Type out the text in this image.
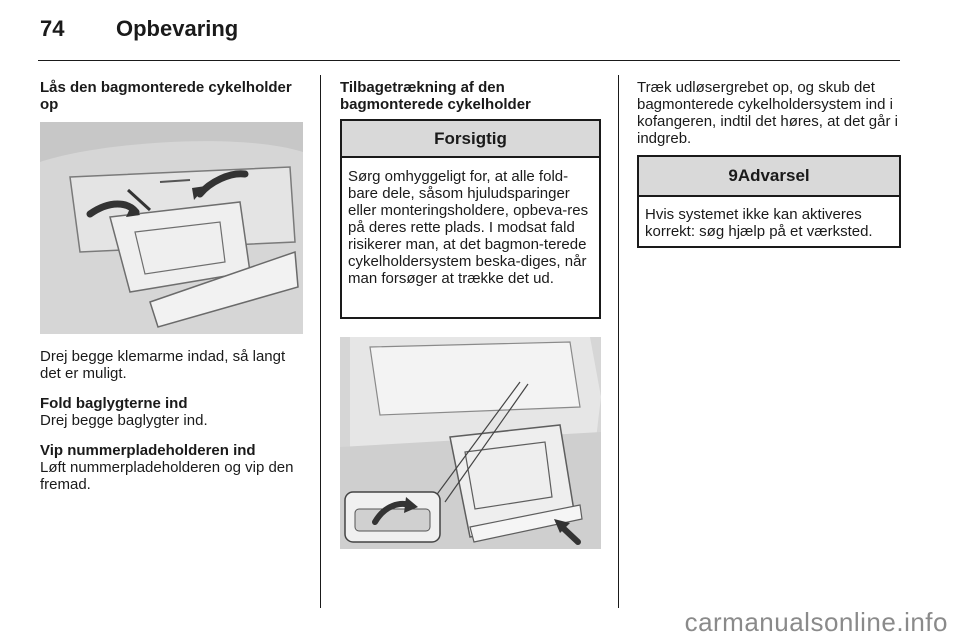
74 Opbevaring

Lås den bagmonterede cykelholder op

Drej begge klemarme indad, så langt det er muligt.

Fold baglygterne ind

Drej begge baglygter ind.

Vip nummerpladeholderen ind

Løft nummerpladeholderen og vip den fremad.

Tilbagetrækning af den bagmonterede cykelholder

Forsigtig
Sørg omhyggeligt for, at alle fold-bare dele, såsom hjuludsparinger eller monteringsholdere, opbeva-res på deres rette plads. I modsat fald risikerer man, at det bagmon-terede cykelholdersystem beska-diges, når man forsøger at trække det ud.

Træk udløsergrebet op, og skub det bagmonterede cykelholdersystem ind i kofangeren, indtil det høres, at det går i indgreb.

9Advarsel
Hvis systemet ikke kan aktiveres korrekt: søg hjælp på et værksted.
carmanualsonline.info
